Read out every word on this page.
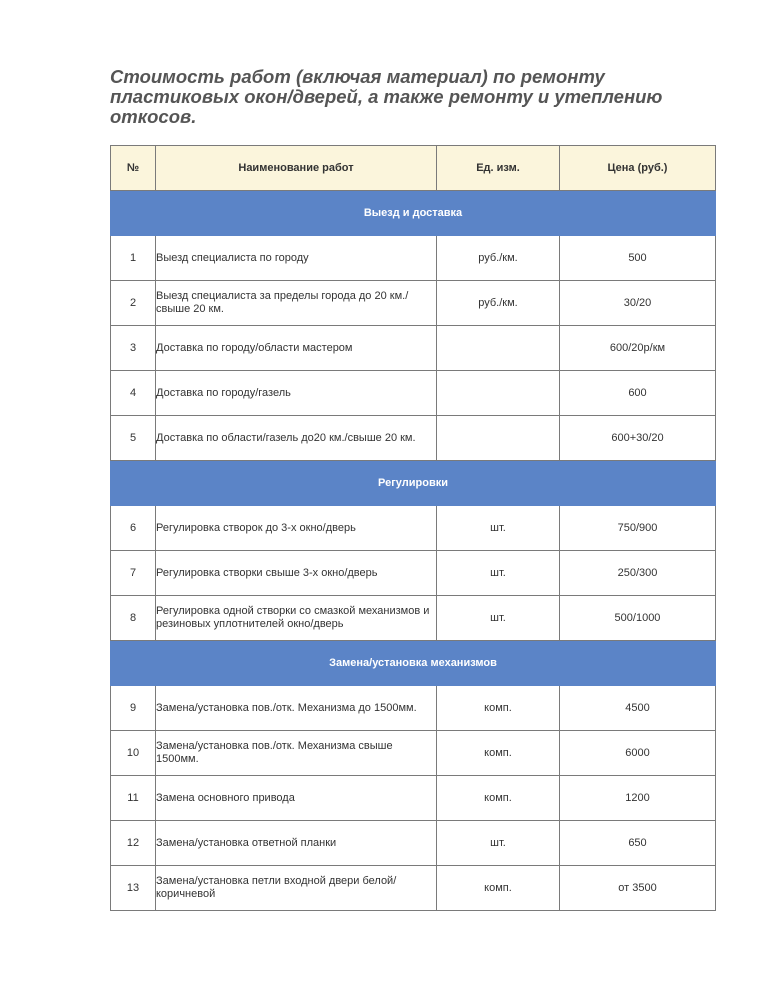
Стоимость работ (включая материал) по ремонту пластиковых окон/дверей, а также ремонту и утеплению откосов.
№	Наименование работ	Ед. изм.	Цена (руб.)
Выезд и доставка			
1	Выезд специалиста по городу	руб./км.	500
2	Выезд специалиста за пределы города до 20 км./свыше 20 км.	руб./км.	30/20
3	Доставка по городу/области мастером		600/20р/км
4	Доставка по городу/газель		600
5	Доставка по области/газель до20 км./свыше 20 км.		600+30/20
Регулировки			
6	Регулировка створок до 3-х окно/дверь	шт.	750/900
7	Регулировка створки свыше 3-х окно/дверь	шт.	250/300
8	Регулировка одной створки со смазкой механизмов и резиновых уплотнителей окно/дверь	шт.	500/1000
Замена/установка механизмов			
9	Замена/установка пов./отк. Механизма до 1500мм.	комп.	4500
10	Замена/установка пов./отк. Механизма свыше 1500мм.	комп.	6000
11	Замена основного привода	комп.	1200
12	Замена/установка ответной планки	шт.	650
13	Замена/установка петли входной двери белой/коричневой	комп.	от 3500
